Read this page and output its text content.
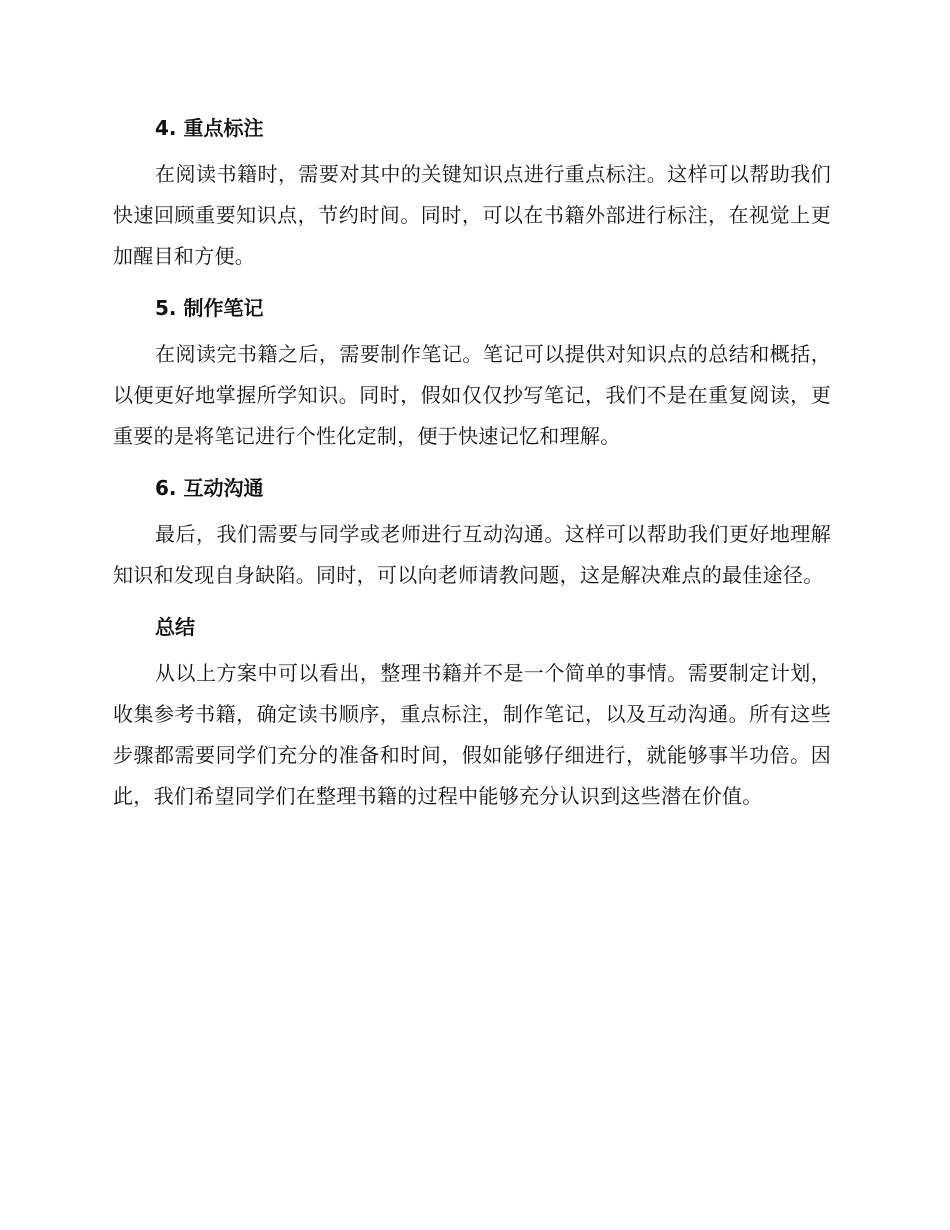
4. 重点标注

在阅读书籍时，需要对其中的关键知识点进行重点标注。这样可以帮助我们快速回顾重要知识点，节约时间。同时，可以在书籍外部进行标注，在视觉上更加醒目和方便。

5. 制作笔记

在阅读完书籍之后，需要制作笔记。笔记可以提供对知识点的总结和概括，以便更好地掌握所学知识。同时，假如仅仅抄写笔记，我们不是在重复阅读，更重要的是将笔记进行个性化定制，便于快速记忆和理解。

6. 互动沟通

最后，我们需要与同学或老师进行互动沟通。这样可以帮助我们更好地理解知识和发现自身缺陷。同时，可以向老师请教问题，这是解决难点的最佳途径。

总结

从以上方案中可以看出，整理书籍并不是一个简单的事情。需要制定计划，收集参考书籍，确定读书顺序，重点标注，制作笔记，以及互动沟通。所有这些步骤都需要同学们充分的准备和时间，假如能够仔细进行，就能够事半功倍。因此，我们希望同学们在整理书籍的过程中能够充分认识到这些潜在价值。
